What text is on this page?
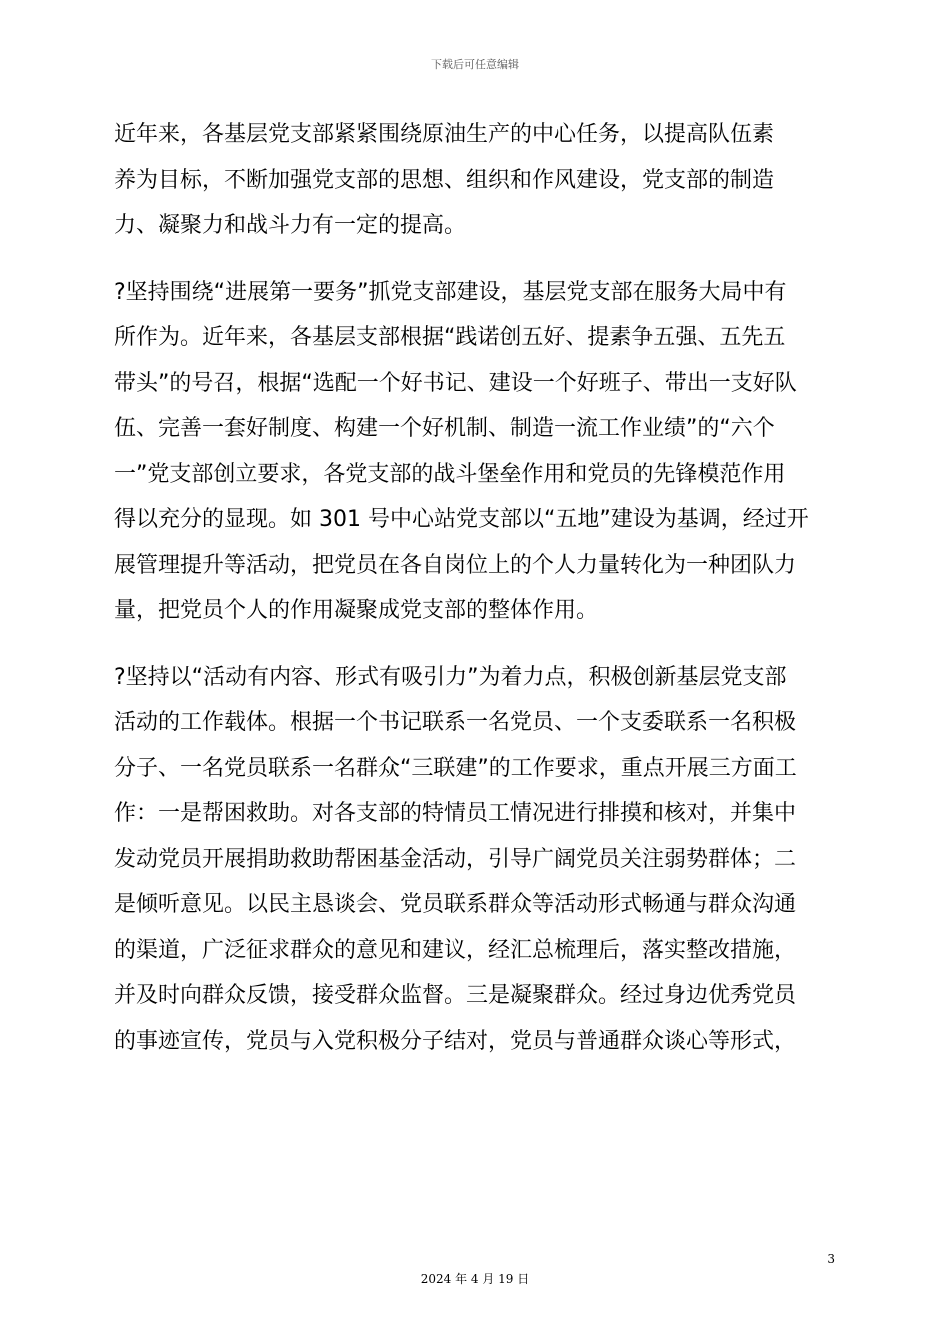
下载后可任意编辑

近年来，各基层党支部紧紧围绕原油生产的中心任务，以提高队伍素
养为目标，不断加强党支部的思想、组织和作风建设，党支部的制造
力、凝聚力和战斗力有一定的提高。

?坚持围绕“进展第一要务”抓党支部建设，基层党支部在服务大局中有
所作为。近年来，各基层支部根据“践诺创五好、提素争五强、五先五
带头”的号召，根据“选配一个好书记、建设一个好班子、带出一支好队
伍、完善一套好制度、构建一个好机制、制造一流工作业绩”的“六个
一”党支部创立要求，各党支部的战斗堡垒作用和党员的先锋模范作用
得以充分的显现。如 301 号中心站党支部以“五地”建设为基调，经过开
展管理提升等活动，把党员在各自岗位上的个人力量转化为一种团队力
量，把党员个人的作用凝聚成党支部的整体作用。

?坚持以“活动有内容、形式有吸引力”为着力点，积极创新基层党支部
活动的工作载体。根据一个书记联系一名党员、一个支委联系一名积极
分子、一名党员联系一名群众“三联建”的工作要求，重点开展三方面工
作：一是帮困救助。对各支部的特情员工情况进行排摸和核对，并集中
发动党员开展捐助救助帮困基金活动，引导广阔党员关注弱势群体；二
是倾听意见。以民主恳谈会、党员联系群众等活动形式畅通与群众沟通
的渠道，广泛征求群众的意见和建议，经汇总梳理后，落实整改措施，
并及时向群众反馈，接受群众监督。三是凝聚群众。经过身边优秀党员
的事迹宣传，党员与入党积极分子结对，党员与普通群众谈心等形式，

3
2024 年 4 月 19 日
